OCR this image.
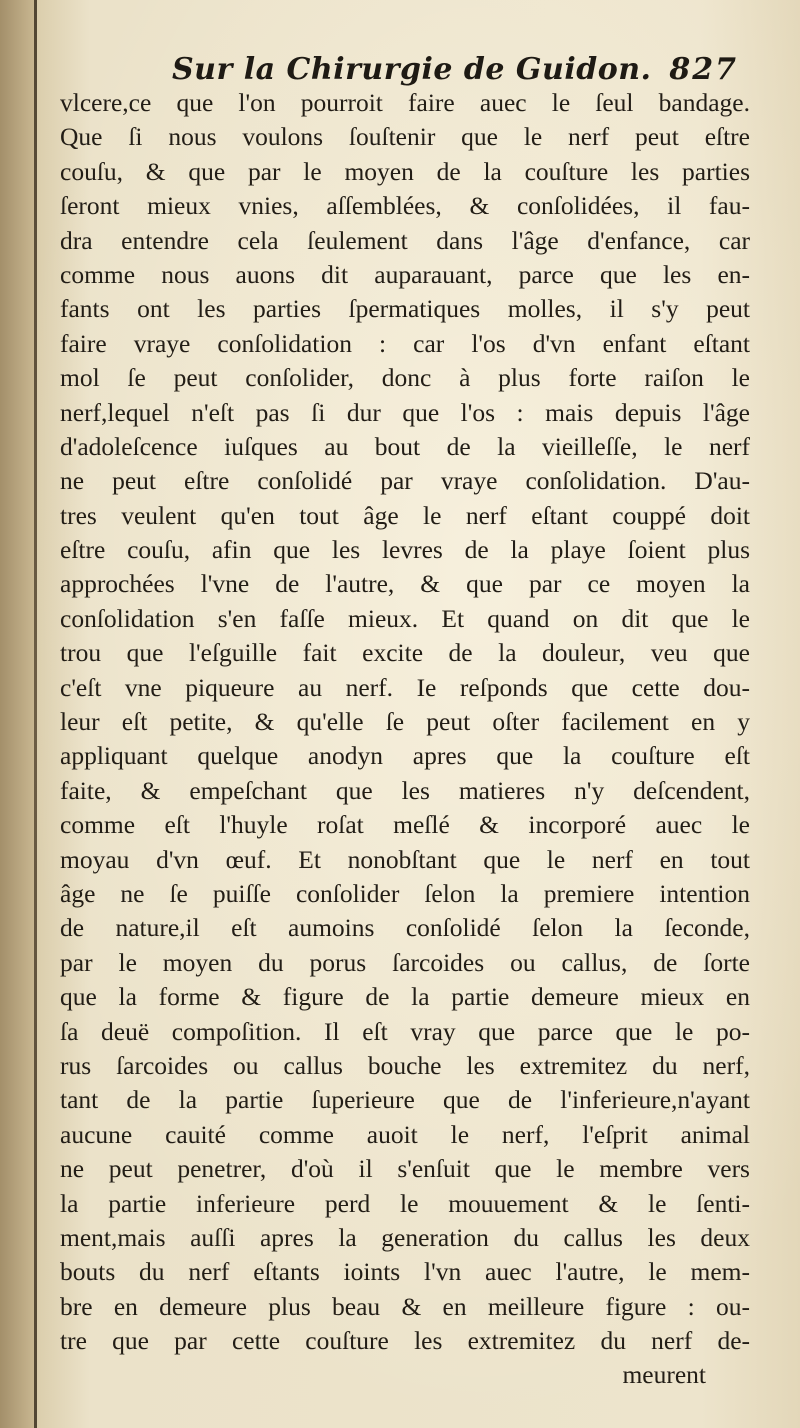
Sur la Chirurgie de Guidon. 827
vlcere,ce que l'on pourroit faire auec le ſeul bandage.
Que ſi nous voulons ſouſtenir que le nerf peut eſtre
couſu, & que par le moyen de la couſture les parties
ſeront mieux vnies, aſſemblées, & conſolidées, il fau-
dra entendre cela ſeulement dans l'âge d'enfance, car
comme nous auons dit auparauant, parce que les en-
fants ont les parties ſpermatiques molles, il s'y peut
faire vraye conſolidation : car l'os d'vn enfant eſtant
mol ſe peut conſolider, donc à plus forte raiſon le
nerf,lequel n'eſt pas ſi dur que l'os : mais depuis l'âge
d'adoleſcence iuſques au bout de la vieilleſſe, le nerf
ne peut eſtre conſolidé par vraye conſolidation. D'au-
tres veulent qu'en tout âge le nerf eſtant couppé doit
eſtre couſu, afin que les levres de la playe ſoient plus
approchées l'vne de l'autre, & que par ce moyen la
conſolidation s'en faſſe mieux. Et quand on dit que le
trou que l'eſguille fait excite de la douleur, veu que
c'eſt vne piqueure au nerf. Ie reſponds que cette dou-
leur eſt petite, & qu'elle ſe peut oſter facilement en y
appliquant quelque anodyn apres que la couſture eſt
faite, & empeſchant que les matieres n'y deſcendent,
comme eſt l'huyle roſat meſlé & incorporé auec le
moyau d'vn œuf. Et nonobſtant que le nerf en tout
âge ne ſe puiſſe conſolider ſelon la premiere intention
de nature,il eſt aumoins conſolidé ſelon la ſeconde,
par le moyen du porus ſarcoides ou callus, de ſorte
que la forme & figure de la partie demeure mieux en
ſa deuë compoſition. Il eſt vray que parce que le po-
rus ſarcoides ou callus bouche les extremitez du nerf,
tant de la partie ſuperieure que de l'inferieure,n'ayant
aucune cauité comme auoit le nerf, l'eſprit animal
ne peut penetrer, d'où il s'enſuit que le membre vers
la partie inferieure perd le mouuement & le ſenti-
ment,mais auſſi apres la generation du callus les deux
bouts du nerf eſtants ioints l'vn auec l'autre, le mem-
bre en demeure plus beau & en meilleure figure : ou-
tre que par cette couſture les extremitez du nerf de-
meurent
